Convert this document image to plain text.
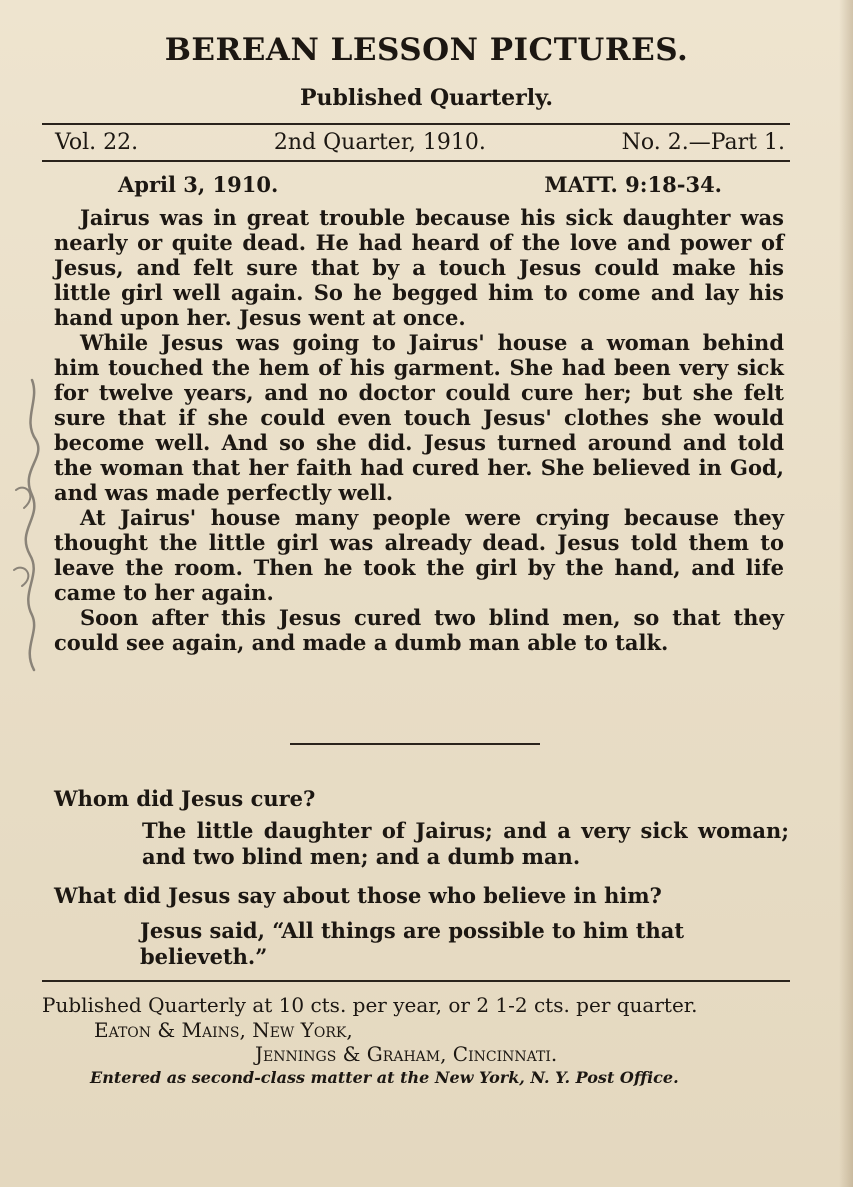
BEREAN LESSON PICTURES.
Published Quarterly.
Vol. 22.	2nd Quarter, 1910.	No. 2.—Part 1.
April 3, 1910.	MATT. 9:18-34.

Jairus was in great trouble because his sick daughter was nearly or quite dead. He had heard of the love and power of Jesus, and felt sure that by a touch Jesus could make his little girl well again. So he begged him to come and lay his hand upon her. Jesus went at once.

While Jesus was going to Jairus' house a woman behind him touched the hem of his garment. She had been very sick for twelve years, and no doctor could cure her; but she felt sure that if she could even touch Jesus' clothes she would become well. And so she did. Jesus turned around and told the woman that her faith had cured her. She believed in God, and was made perfectly well.

At Jairus' house many people were crying because they thought the little girl was already dead. Jesus told them to leave the room. Then he took the girl by the hand, and life came to her again.

Soon after this Jesus cured two blind men, so that they could see again, and made a dumb man able to talk.

Whom did Jesus cure?
The little daughter of Jairus; and a very sick woman; and two blind men; and a dumb man.
What did Jesus say about those who believe in him?
Jesus said, “All things are possible to him that believeth.”
Published Quarterly at 10 cts. per year, or 2 1-2 cts. per quarter.
Eaton & Mains, New York,
Jennings & Graham, Cincinnati.
Entered as second-class matter at the New York, N. Y. Post Office.
